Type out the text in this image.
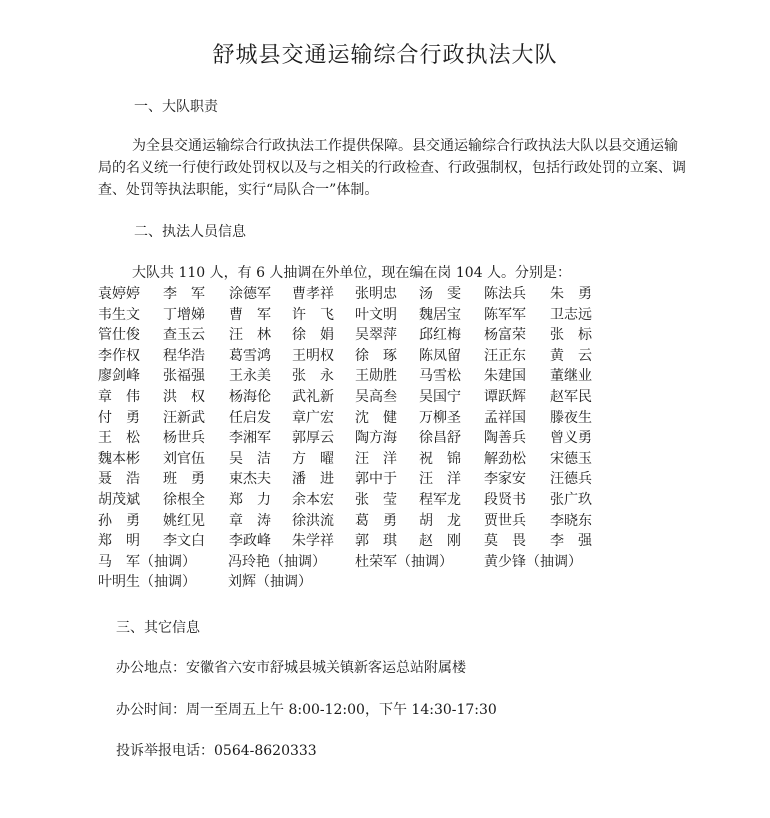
舒城县交通运输综合行政执法大队

一、大队职责

为全县交通运输综合行政执法工作提供保障。县交通运输综合行政执法大队以县交通运输局的名义统一行使行政处罚权以及与之相关的行政检查、行政强制权，包括行政处罚的立案、调查、处罚等执法职能，实行“局队合一”体制。

二、执法人员信息

大队共 110 人，有 6 人抽调在外单位，现在编在岗 104 人。分别是：

袁婷婷 李　军 涂德军 曹孝祥 张明忠 汤　雯 陈法兵 朱　勇
韦生文 丁增娣 曹　军 许　飞 叶文明 魏居宝 陈军军 卫志远
管仕俊 查玉云 汪　林 徐　娟 吴翠萍 邱红梅 杨富荣 张　标
李作权 程华浩 葛雪鸿 王明权 徐　琢 陈凤留 汪正东 黄　云
廖剑峰 张福强 王永美 张　永 王勋胜 马雪松 朱建国 董继业
章　伟 洪　权 杨海伦 武礼新 吴高叁 吴国宁 谭跃辉 赵军民
付　勇 汪新武 任启发 章广宏 沈　健 万柳圣 孟祥国 滕夜生
王　松 杨世兵 李湘军 郭厚云 陶方海 徐昌舒 陶善兵 曾义勇
魏本彬 刘官伍 吴　洁 方　曜 汪　洋 祝　锦 解劲松 宋德玉
聂　浩 班　勇 束杰夫 潘　进 郭中于 汪　洋 李家安 汪德兵
胡茂斌 徐根全 郑　力 余本宏 张　莹 程军龙 段贤书 张广玖
孙　勇 姚红见 章　涛 徐洪流 葛　勇 胡　龙 贾世兵 李晓东
郑　明 李文白 李政峰 朱学祥 郭　琪 赵　刚 莫　畏 李　强
马　军（抽调） 冯玲艳（抽调） 杜荣军（抽调） 黄少锋（抽调）
叶明生（抽调） 刘辉（抽调）

三、其它信息

办公地点：安徽省六安市舒城县城关镇新客运总站附属楼

办公时间：周一至周五上午 8:00-12:00，下午 14:30-17:30

投诉举报电话：0564-8620333
